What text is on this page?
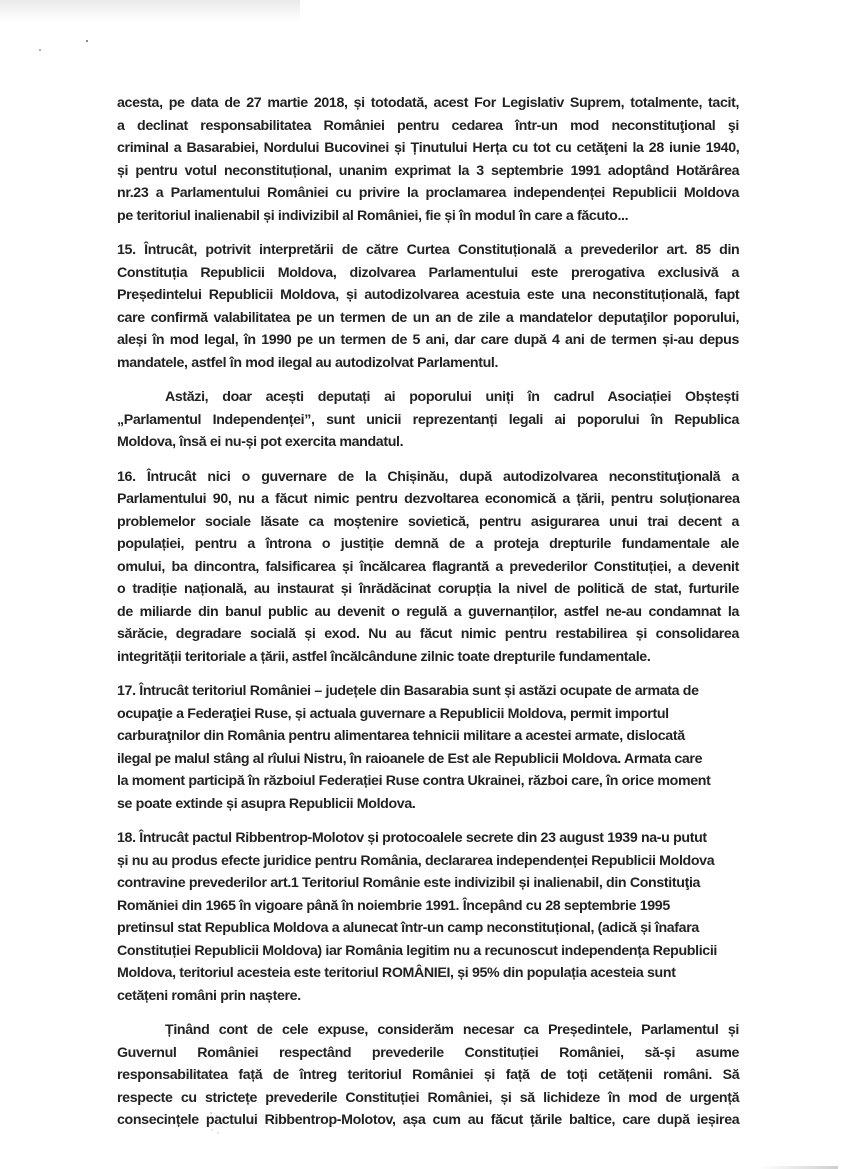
acesta, pe data de 27 martie 2018, și totodată, acest For Legislativ Suprem, totalmente, tacit,
a declinat responsabilitatea României pentru cedarea într-un mod neconstituţional şi
criminal a Basarabiei, Nordului Bucovinei și Ținutului Herța cu tot cu cetăţeni la 28 iunie 1940,
și pentru votul neconstituțional, unanim exprimat la 3 septembrie 1991 adoptând Hotărârea
nr.23 a Parlamentului României cu privire la proclamarea independenței Republicii Moldova
pe teritoriul inalienabil și indivizibil al României, fie și în modul în care a făcuto...

15. Întrucât, potrivit interpretării de către Curtea Constituțională a prevederilor art. 85 din
Constituția Republicii Moldova, dizolvarea Parlamentului este prerogativa exclusivă a
Președintelui Republicii Moldova, și autodizolvarea acestuia este una neconstituțională, fapt
care confirmă valabilitatea pe un termen de un an de zile a mandatelor deputaţilor poporului,
aleși în mod legal, în 1990 pe un termen de 5 ani, dar care după 4 ani de termen și-au depus
mandatele, astfel în mod ilegal au autodizolvat Parlamentul.

Astăzi, doar acești deputați ai poporului uniți în cadrul Asociației Obștești
„Parlamentul Independenței”, sunt unicii reprezentanți legali ai poporului în Republica
Moldova, însă ei nu-și pot exercita mandatul.

16. Întrucât nici o guvernare de la Chișinău, după autodizolvarea neconstituţională a
Parlamentului 90, nu a făcut nimic pentru dezvoltarea economică a țării, pentru soluționarea
problemelor sociale lăsate ca moștenire sovietică, pentru asigurarea unui trai decent a
populației, pentru a întrona o justiție demnă de a proteja drepturile fundamentale ale
omului, ba dincontra, falsificarea și încălcarea flagrantă a prevederilor Constituției, a devenit
o tradiție națională, au instaurat și înrădăcinat corupția la nivel de politică de stat, furturile
de miliarde din banul public au devenit o regulă a guvernanților, astfel ne-au condamnat la
sărăcie, degradare socială și exod. Nu au făcut nimic pentru restabilirea și consolidarea
integrității teritoriale a țării, astfel încălcândune zilnic toate drepturile fundamentale.

17. Întrucât teritoriul României – județele din Basarabia sunt și astăzi ocupate de armata de
ocupaţie a Federaţiei Ruse, și actuala guvernare a Republicii Moldova, permit importul
carburaţnilor din România pentru alimentarea tehnicii militare a acestei armate, dislocată
ilegal pe malul stâng al rîului Nistru, în raioanele de Est ale Republicii Moldova. Armata care
la moment participă în războiul Federației Ruse contra Ukrainei, război care, în orice moment
se poate extinde și asupra Republicii Moldova.

18. Întrucât pactul Ribbentrop-Molotov și protocoalele secrete din 23 august 1939 na-u putut
și nu au produs efecte juridice pentru România, declararea independenței Republicii Moldova
contravine prevederilor art.1 Teritoriul Românie este indivizibil și inalienabil, din Constituţia
Romăniei din 1965 în vigoare până în noiembrie 1991. Începând cu 28 septembrie 1995
pretinsul stat Republica Moldova a alunecat într-un camp neconstituțional, (adică și înafara
Constituției Republicii Moldova) iar România legitim nu a recunoscut independența Republicii
Moldova, teritoriul acesteia este teritoriul ROMÂNIEI, și 95% din populația acesteia sunt
cetățeni români prin naștere.

Ținând cont de cele expuse, considerăm necesar ca Președintele, Parlamentul și
Guvernul României respectând prevederile Constituției României, să-și asume
responsabilitatea față de întreg teritoriul României și față de toți cetățenii români. Să
respecte cu strictețe prevederile Constituției României, și să lichideze în mod de urgență
consecințele pactului Ribbentrop-Molotov, așa cum au făcut țările baltice, care după ieșirea
